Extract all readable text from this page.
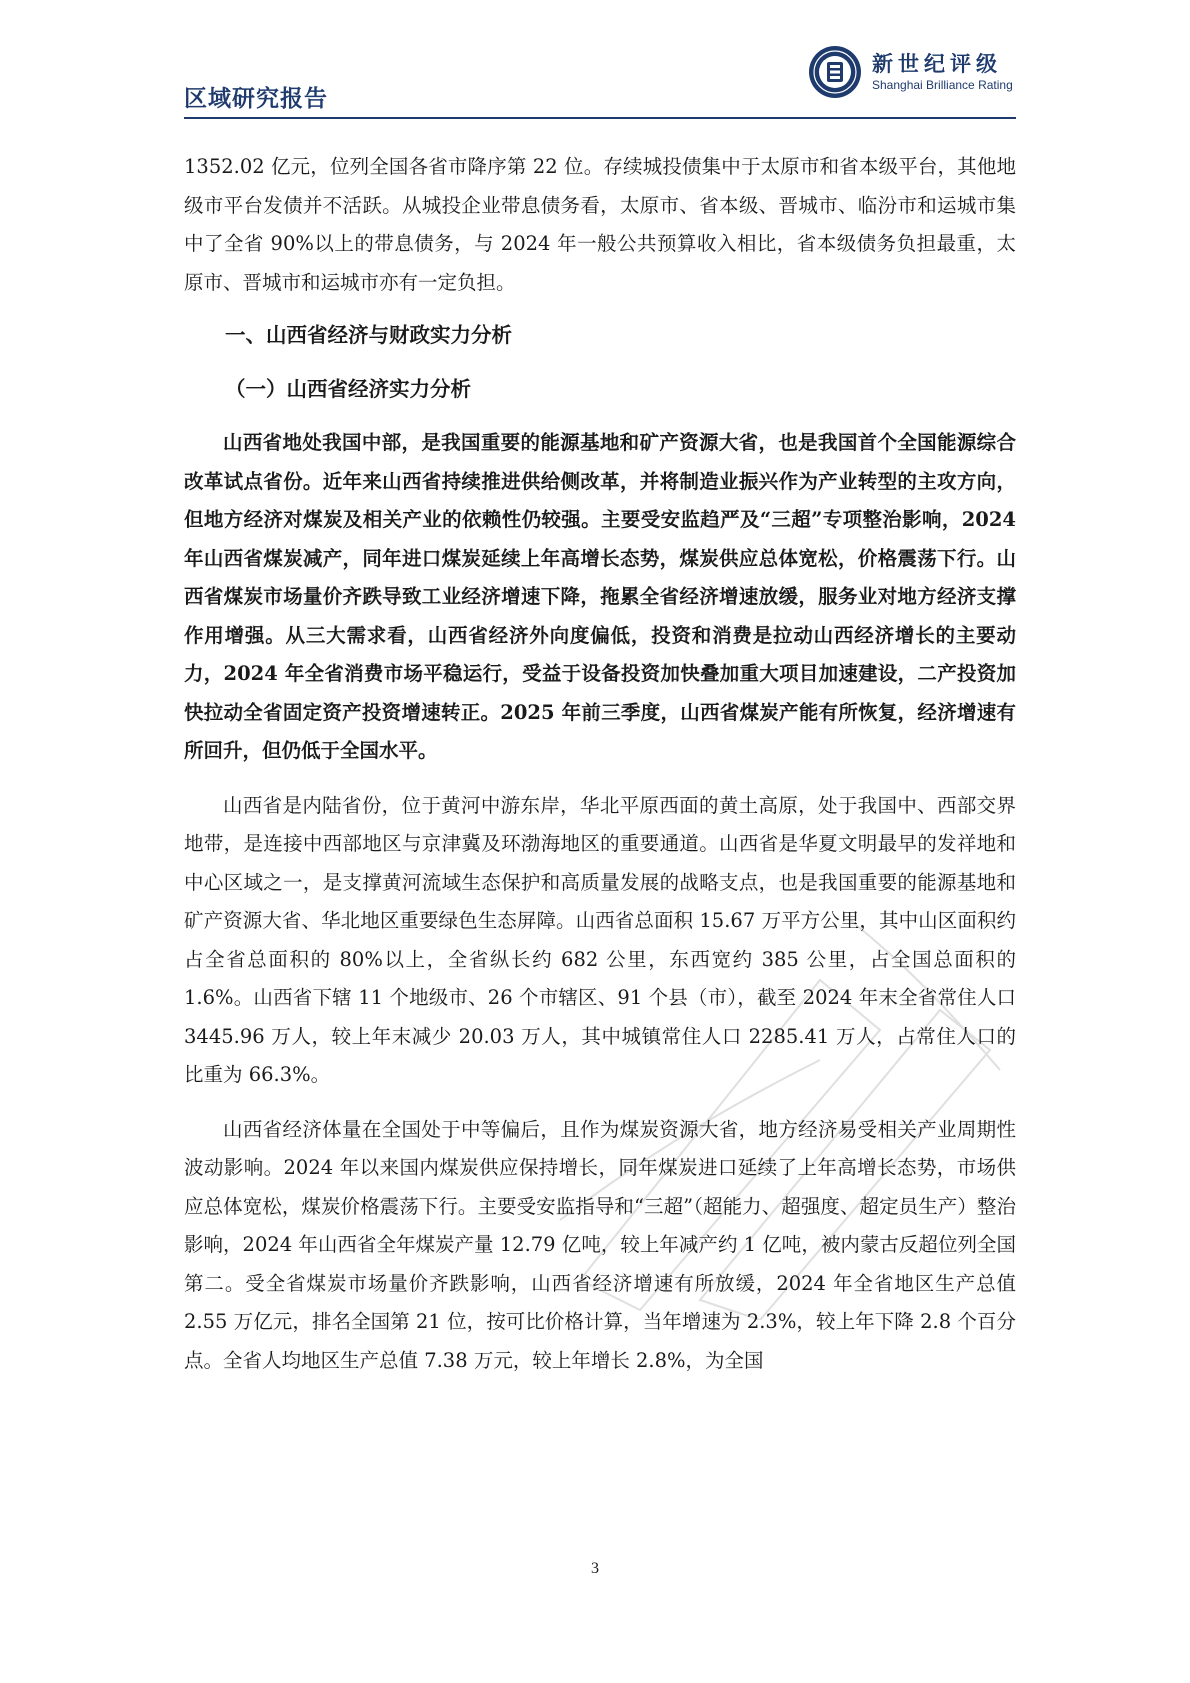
区域研究报告
新世纪评级
Shanghai Brilliance Rating

1352.02 亿元，位列全国各省市降序第 22 位。存续城投债集中于太原市和省本级平台，其他地级市平台发债并不活跃。从城投企业带息债务看，太原市、省本级、晋城市、临汾市和运城市集中了全省 90%以上的带息债务，与 2024 年一般公共预算收入相比，省本级债务负担最重，太原市、晋城市和运城市亦有一定负担。

一、山西省经济与财政实力分析
（一）山西省经济实力分析

山西省地处我国中部，是我国重要的能源基地和矿产资源大省，也是我国首个全国能源综合改革试点省份。近年来山西省持续推进供给侧改革，并将制造业振兴作为产业转型的主攻方向，但地方经济对煤炭及相关产业的依赖性仍较强。主要受安监趋严及“三超”专项整治影响，2024 年山西省煤炭减产，同年进口煤炭延续上年高增长态势，煤炭供应总体宽松，价格震荡下行。山西省煤炭市场量价齐跌导致工业经济增速下降，拖累全省经济增速放缓，服务业对地方经济支撑作用增强。从三大需求看，山西省经济外向度偏低，投资和消费是拉动山西经济增长的主要动力，2024 年全省消费市场平稳运行，受益于设备投资加快叠加重大项目加速建设，二产投资加快拉动全省固定资产投资增速转正。2025 年前三季度，山西省煤炭产能有所恢复，经济增速有所回升，但仍低于全国水平。

山西省是内陆省份，位于黄河中游东岸，华北平原西面的黄土高原，处于我国中、西部交界地带，是连接中西部地区与京津冀及环渤海地区的重要通道。山西省是华夏文明最早的发祥地和中心区域之一，是支撑黄河流域生态保护和高质量发展的战略支点，也是我国重要的能源基地和矿产资源大省、华北地区重要绿色生态屏障。山西省总面积 15.67 万平方公里，其中山区面积约占全省总面积的 80%以上，全省纵长约 682 公里，东西宽约 385 公里，占全国总面积的 1.6%。山西省下辖 11 个地级市、26 个市辖区、91 个县（市），截至 2024 年末全省常住人口 3445.96 万人，较上年末减少 20.03 万人，其中城镇常住人口 2285.41 万人，占常住人口的比重为 66.3%。

山西省经济体量在全国处于中等偏后，且作为煤炭资源大省，地方经济易受相关产业周期性波动影响。2024 年以来国内煤炭供应保持增长，同年煤炭进口延续了上年高增长态势，市场供应总体宽松，煤炭价格震荡下行。主要受安监指导和“三超”（超能力、超强度、超定员生产）整治影响，2024 年山西省全年煤炭产量 12.79 亿吨，较上年减产约 1 亿吨，被内蒙古反超位列全国第二。受全省煤炭市场量价齐跌影响，山西省经济增速有所放缓，2024 年全省地区生产总值 2.55 万亿元，排名全国第 21 位，按可比价格计算，当年增速为 2.3%，较上年下降 2.8 个百分点。全省人均地区生产总值 7.38 万元，较上年增长 2.8%，为全国

3
